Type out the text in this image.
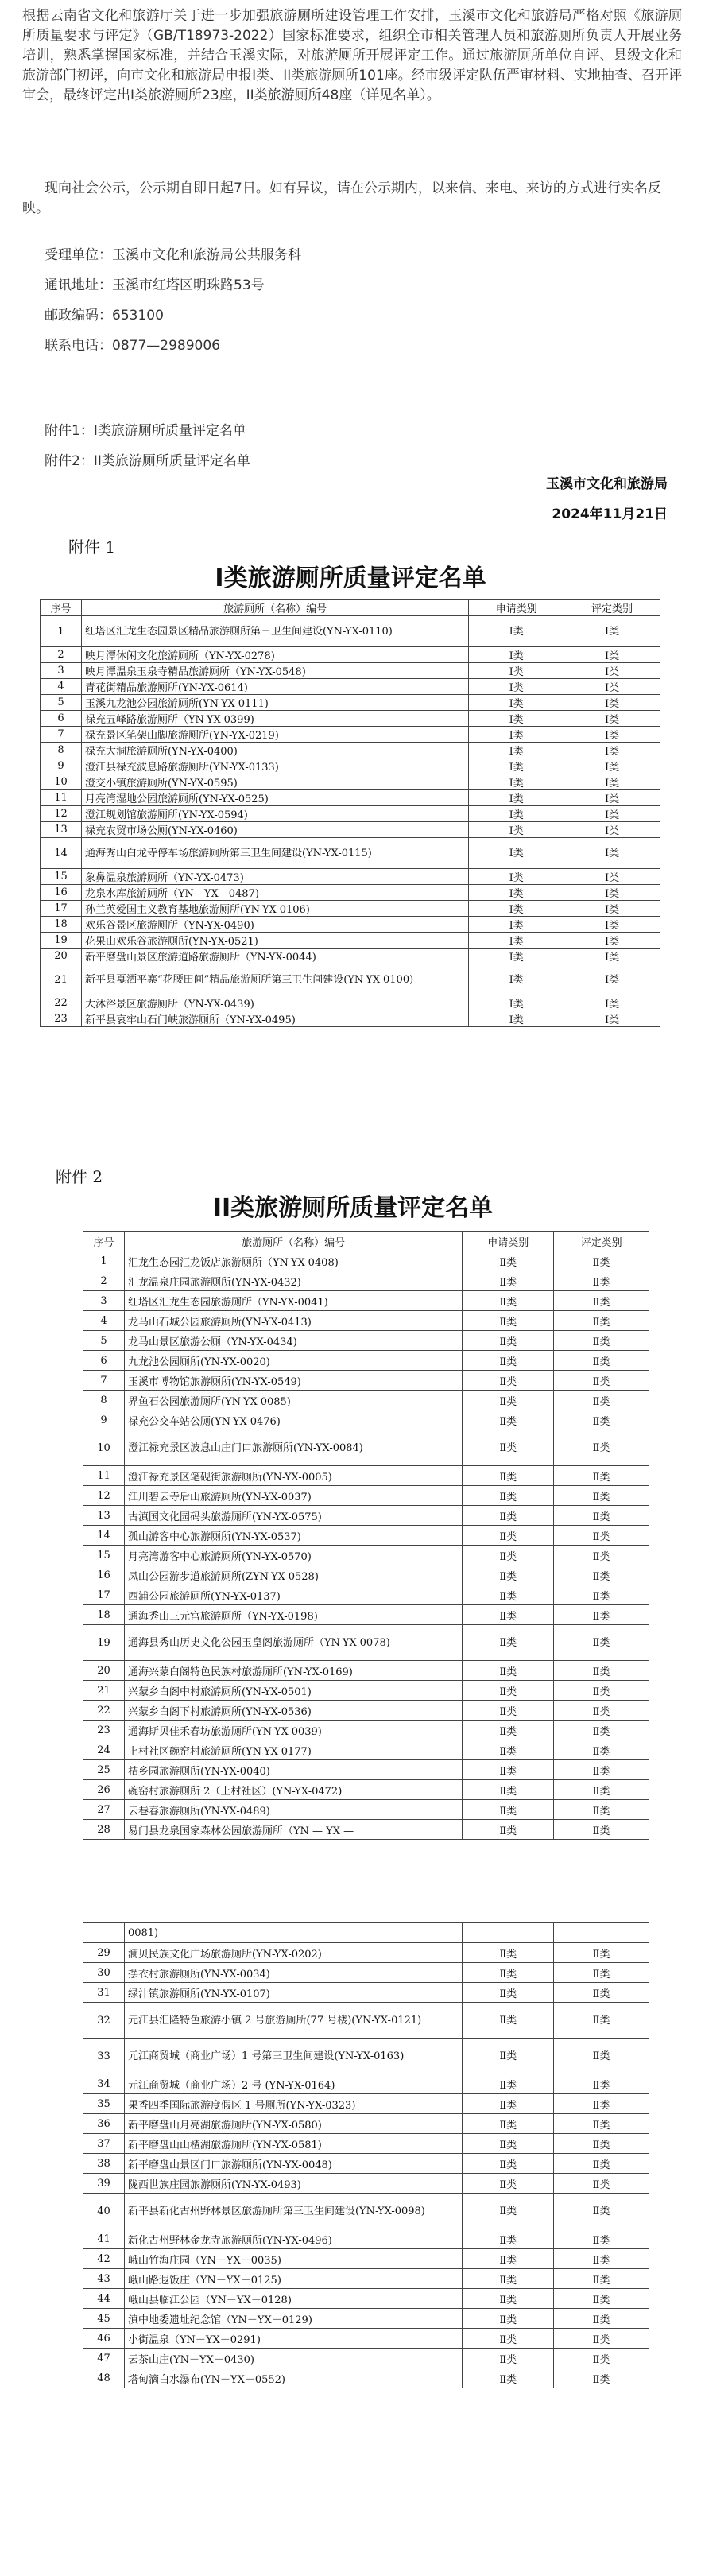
根据云南省文化和旅游厅关于进一步加强旅游厕所建设管理工作安排，玉溪市文化和旅游局严格对照《旅游厕所质量要求与评定》（GB/T18973-2022）国家标准要求，组织全市相关管理人员和旅游厕所负责人开展业务培训，熟悉掌握国家标准，并结合玉溪实际，对旅游厕所开展评定工作。通过旅游厕所单位自评、县级文化和旅游部门初评，向市文化和旅游局申报I类、II类旅游厕所101座。经市级评定队伍严审材料、实地抽查、召开评审会，最终评定出I类旅游厕所23座，II类旅游厕所48座（详见名单）。

现向社会公示，公示期自即日起7日。如有异议，请在公示期内，以来信、来电、来访的方式进行实名反映。

受理单位：玉溪市文化和旅游局公共服务科
通讯地址：玉溪市红塔区明珠路53号
邮政编码：653100
联系电话：0877—2989006
附件1：I类旅游厕所质量评定名单
附件2：II类旅游厕所质量评定名单
玉溪市文化和旅游局
2024年11月21日
附件 1
I类旅游厕所质量评定名单
序号	旅游厕所（名称）编号	申请类别	评定类别
1	红塔区汇龙生态园景区精品旅游厕所第三卫生间建设(YN-YX-0110)	Ⅰ类	Ⅰ类
2	映月潭休闲文化旅游厕所（YN-YX-0278)	Ⅰ类	Ⅰ类
3	映月潭温泉玉泉寺精品旅游厕所（YN-YX-0548)	Ⅰ类	Ⅰ类
4	青花街精品旅游厕所(YN-YX-0614)	Ⅰ类	Ⅰ类
5	玉溪九龙池公园旅游厕所(YN-YX-0111)	Ⅰ类	Ⅰ类
6	禄充五峰路旅游厕所（YN-YX-0399)	Ⅰ类	Ⅰ类
7	禄充景区笔架山脚旅游厕所(YN-YX-0219)	Ⅰ类	Ⅰ类
8	禄充大洞旅游厕所(YN-YX-0400)	Ⅰ类	Ⅰ类
9	澄江县禄充波息路旅游厕所(YN-YX-0133)	Ⅰ类	Ⅰ类
10	澄交小镇旅游厕所(YN-YX-0595)	Ⅰ类	Ⅰ类
11	月亮湾湿地公园旅游厕所(YN-YX-0525)	Ⅰ类	Ⅰ类
12	澄江规划馆旅游厕所(YN-YX-0594)	Ⅰ类	Ⅰ类
13	禄充农贸市场公厕(YN-YX-0460)	Ⅰ类	Ⅰ类
14	通海秀山白龙寺停车场旅游厕所第三卫生间建设(YN-YX-0115)	Ⅰ类	Ⅰ类
15	象鼻温泉旅游厕所（YN-YX-0473)	Ⅰ类	Ⅰ类
16	龙泉水库旅游厕所（YN—YX—0487)	Ⅰ类	Ⅰ类
17	孙兰英爱国主义教育基地旅游厕所(YN-YX-0106)	Ⅰ类	Ⅰ类
18	欢乐谷景区旅游厕所（YN-YX-0490)	Ⅰ类	Ⅰ类
19	花果山欢乐谷旅游厕所(YN-YX-0521)	Ⅰ类	Ⅰ类
20	新平磨盘山景区旅游道路旅游厕所（YN-YX-0044)	Ⅰ类	Ⅰ类
21	新平县戛洒平寨“花腰田间”精品旅游厕所第三卫生间建设(YN-YX-0100)	Ⅰ类	Ⅰ类
22	大沐浴景区旅游厕所（YN-YX-0439)	Ⅰ类	Ⅰ类
23	新平县哀牢山石门峡旅游厕所（YN-YX-0495)	Ⅰ类	Ⅰ类
附件 2
II类旅游厕所质量评定名单
序号	旅游厕所（名称）编号	申请类别	评定类别
1	汇龙生态园汇龙饭店旅游厕所（YN-YX-0408)	Ⅱ类	Ⅱ类
2	汇龙温泉庄园旅游厕所(YN-YX-0432)	Ⅱ类	Ⅱ类
3	红塔区汇龙生态园旅游厕所（YN-YX-0041)	Ⅱ类	Ⅱ类
4	龙马山石城公园旅游厕所(YN-YX-0413)	Ⅱ类	Ⅱ类
5	龙马山景区旅游公厕（YN-YX-0434)	Ⅱ类	Ⅱ类
6	九龙池公园厕所(YN-YX-0020)	Ⅱ类	Ⅱ类
7	玉溪市博物馆旅游厕所(YN-YX-0549)	Ⅱ类	Ⅱ类
8	界鱼石公园旅游厕所(YN-YX-0085)	Ⅱ类	Ⅱ类
9	禄充公交车站公厕(YN-YX-0476)	Ⅱ类	Ⅱ类
10	澄江禄充景区波息山庄门口旅游厕所(YN-YX-0084)	Ⅱ类	Ⅱ类
11	澄江禄充景区笔砚街旅游厕所(YN-YX-0005)	Ⅱ类	Ⅱ类
12	江川碧云寺后山旅游厕所(YN-YX-0037)	Ⅱ类	Ⅱ类
13	古滇国文化园码头旅游厕所(YN-YX-0575)	Ⅱ类	Ⅱ类
14	孤山游客中心旅游厕所(YN-YX-0537)	Ⅱ类	Ⅱ类
15	月亮湾游客中心旅游厕所(YN-YX-0570)	Ⅱ类	Ⅱ类
16	凤山公园游步道旅游厕所(ZYN-YX-0528)	Ⅱ类	Ⅱ类
17	西浦公园旅游厕所(YN-YX-0137)	Ⅱ类	Ⅱ类
18	通海秀山三元宫旅游厕所（YN-YX-0198)	Ⅱ类	Ⅱ类
19	通海县秀山历史文化公园玉皇阁旅游厕所（YN-YX-0078)	Ⅱ类	Ⅱ类
20	通海兴蒙白阁特色民族村旅游厕所(YN-YX-0169)	Ⅱ类	Ⅱ类
21	兴蒙乡白阁中村旅游厕所(YN-YX-0501)	Ⅱ类	Ⅱ类
22	兴蒙乡白阁下村旅游厕所(YN-YX-0536)	Ⅱ类	Ⅱ类
23	通海斯贝佳禾春坊旅游厕所(YN-YX-0039)	Ⅱ类	Ⅱ类
24	上村社区碗窑村旅游厕所(YN-YX-0177)	Ⅱ类	Ⅱ类
25	桔乡园旅游厕所(YN-YX-0040)	Ⅱ类	Ⅱ类
26	碗窑村旅游厕所 2（上村社区）(YN-YX-0472)	Ⅱ类	Ⅱ类
27	云巷春旅游厕所(YN-YX-0489)	Ⅱ类	Ⅱ类
28	易门县龙泉国家森林公园旅游厕所（YN — YX —	Ⅱ类	Ⅱ类
	0081)		
29	澜贝民族文化广场旅游厕所(YN-YX-0202)	Ⅱ类	Ⅱ类
30	摆衣村旅游厕所(YN-YX-0034)	Ⅱ类	Ⅱ类
31	绿汁镇旅游厕所(YN-YX-0107)	Ⅱ类	Ⅱ类
32	元江县汇隆特色旅游小镇 2 号旅游厕所(77 号楼)(YN-YX-0121)	Ⅱ类	Ⅱ类
33	元江商贸城（商业广场）1 号第三卫生间建设(YN-YX-0163)	Ⅱ类	Ⅱ类
34	元江商贸城（商业广场）2 号 (YN-YX-0164)	Ⅱ类	Ⅱ类
35	果香四季国际旅游度假区 1 号厕所(YN-YX-0323)	Ⅱ类	Ⅱ类
36	新平磨盘山月亮湖旅游厕所(YN-YX-0580)	Ⅱ类	Ⅱ类
37	新平磨盘山山楂湖旅游厕所(YN-YX-0581)	Ⅱ类	Ⅱ类
38	新平磨盘山景区门口旅游厕所(YN-YX-0048)	Ⅱ类	Ⅱ类
39	陇西世族庄园旅游厕所(YN-YX-0493)	Ⅱ类	Ⅱ类
40	新平县新化古州野林景区旅游厕所第三卫生间建设(YN-YX-0098)	Ⅱ类	Ⅱ类
41	新化古州野林金龙寺旅游厕所(YN-YX-0496)	Ⅱ类	Ⅱ类
42	峨山竹海庄园（YN－YX－0035)	Ⅱ类	Ⅱ类
43	峨山路遐饭庄（YN－YX－0125)	Ⅱ类	Ⅱ类
44	峨山县临江公园（YN－YX－0128)	Ⅱ类	Ⅱ类
45	滇中地委遗址纪念馆（YN－YX－0129)	Ⅱ类	Ⅱ类
46	小街温泉（YN－YX－0291)	Ⅱ类	Ⅱ类
47	云茶山庄(YN－YX－0430)	Ⅱ类	Ⅱ类
48	塔甸滴白水瀑布(YN－YX－0552)	Ⅱ类	Ⅱ类
